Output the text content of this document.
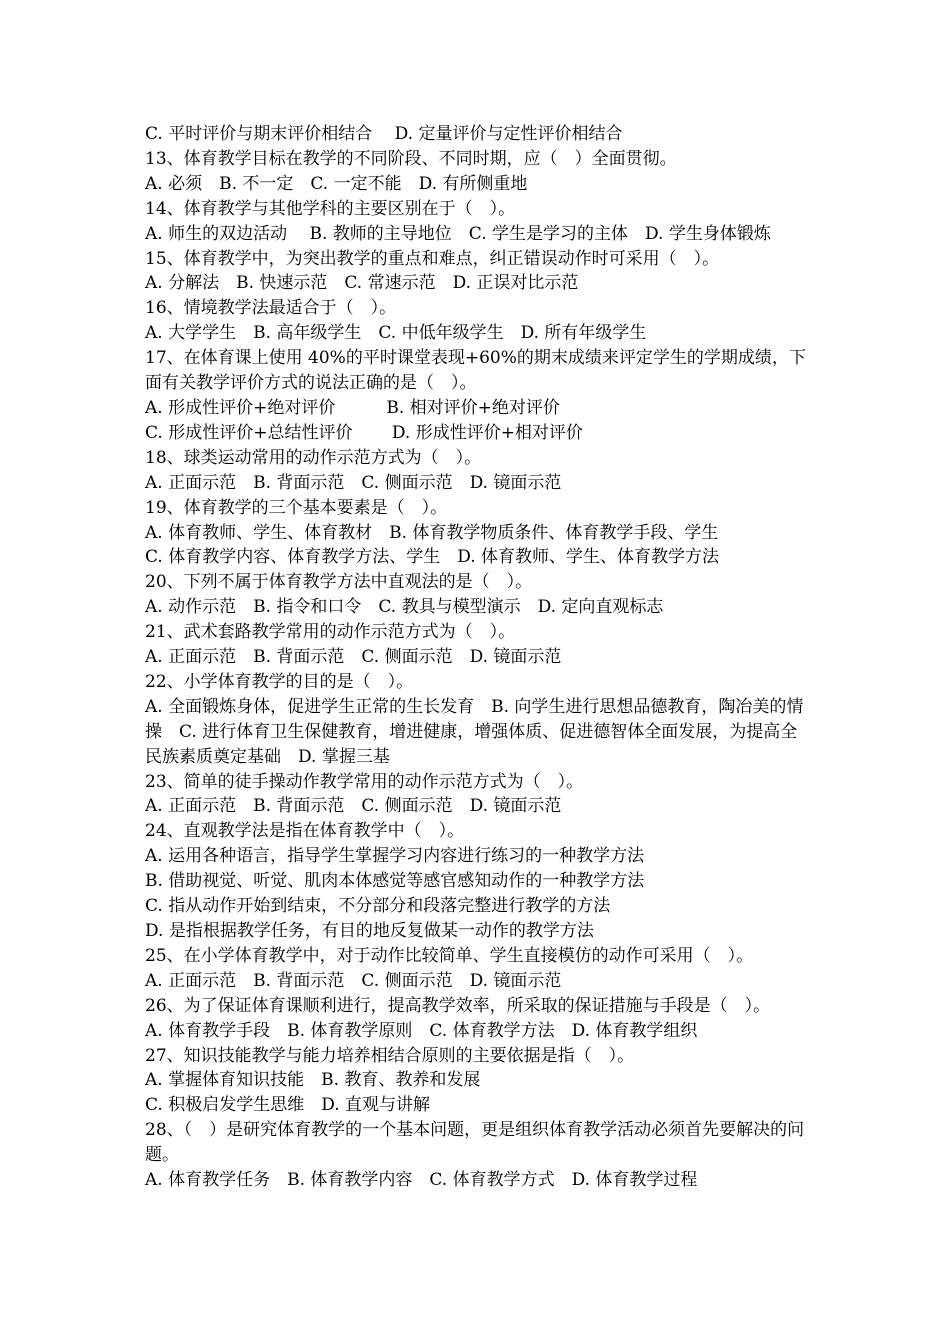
C. 平时评价与期末评价相结合　 D. 定量评价与定性评价相结合

13、体育教学目标在教学的不同阶段、不同时期，应（　）全面贯彻。

A. 必须　B. 不一定　C. 一定不能　D. 有所侧重地

14、体育教学与其他学科的主要区别在于（　）。

A. 师生的双边活动　 B. 教师的主导地位　C. 学生是学习的主体　D. 学生身体锻炼

15、体育教学中，为突出教学的重点和难点，纠正错误动作时可采用（　）。

A. 分解法　B. 快速示范　C. 常速示范　D. 正误对比示范

16、情境教学法最适合于（　）。

A. 大学学生　B. 高年级学生　C. 中低年级学生　D. 所有年级学生

17、在体育课上使用 40%的平时课堂表现+60%的期末成绩来评定学生的学期成绩，下面有关教学评价方式的说法正确的是（　）。

A. 形成性评价+绝对评价　　　B. 相对评价+绝对评价

C. 形成性评价+总结性评价　　 D. 形成性评价+相对评价

18、球类运动常用的动作示范方式为（　）。

A. 正面示范　B. 背面示范　C. 侧面示范　D. 镜面示范

19、体育教学的三个基本要素是（　）。

A. 体育教师、学生、体育教材　B. 体育教学物质条件、体育教学手段、学生

C. 体育教学内容、体育教学方法、学生　D. 体育教师、学生、体育教学方法

20、下列不属于体育教学方法中直观法的是（　）。

A. 动作示范　B. 指令和口令　C. 教具与模型演示　D. 定向直观标志

21、武术套路教学常用的动作示范方式为（　）。

A. 正面示范　B. 背面示范　C. 侧面示范　D. 镜面示范

22、小学体育教学的目的是（　）。

A. 全面锻炼身体，促进学生正常的生长发育　B. 向学生进行思想品德教育，陶冶美的情操　C. 进行体育卫生保健教育，增进健康，增强体质、促进德智体全面发展，为提高全民族素质奠定基础　D. 掌握三基

23、简单的徒手操动作教学常用的动作示范方式为（　）。

A. 正面示范　B. 背面示范　C. 侧面示范　D. 镜面示范

24、直观教学法是指在体育教学中（　）。

A. 运用各种语言，指导学生掌握学习内容进行练习的一种教学方法

B. 借助视觉、听觉、肌肉本体感觉等感官感知动作的一种教学方法

C. 指从动作开始到结束，不分部分和段落完整进行教学的方法

D. 是指根据教学任务，有目的地反复做某一动作的教学方法

25、在小学体育教学中，对于动作比较简单、学生直接模仿的动作可采用（　）。

A. 正面示范　B. 背面示范　C. 侧面示范　D. 镜面示范

26、为了保证体育课顺利进行，提高教学效率，所采取的保证措施与手段是（　）。

A. 体育教学手段　B. 体育教学原则　C. 体育教学方法　D. 体育教学组织

27、知识技能教学与能力培养相结合原则的主要依据是指（　）。

A. 掌握体育知识技能　B. 教育、教养和发展

C. 积极启发学生思维　D. 直观与讲解

28、（　）是研究体育教学的一个基本问题，更是组织体育教学活动必须首先要解决的问题。

A. 体育教学任务　B. 体育教学内容　C. 体育教学方式　D. 体育教学过程
